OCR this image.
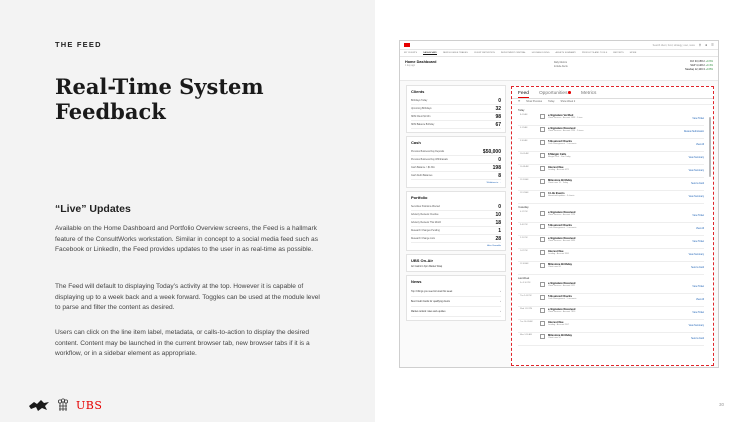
THE FEED
Real-Time System Feedback
“Live” Updates

Available on the Home Dashboard and Portfolio Overview screens, the Feed is a hallmark feature of the ConsultWorks workstation. Similar in concept to a social media feed such as Facebook or LinkedIn, the Feed provides updates to the user in as real-time as possible.

The Feed will default to displaying Today’s activity at the top. However it is capable of displaying up to a week back and a week forward. Toggles can be used at the module level to parse and filter the content as desired.

Users can click on the line item label, metadata, or calls-to-action to display the desired content. Content may be launched in the current browser tab, new browser tabs if it is a workflow, or in a sidebar element as appropriate.

UBS	30
Search client, fund, strategy, user, news ⚲ ● ☰
MY CLIENTS	DASHBOARD	NEW ELIGIBLE TRADES	CLIENT RETENTION	INVESTMENT CENTRAL	HOUSEHOLDING	ASSETS SUMMARY	PRODUCTS AND TOOLS	REPORTS	MORE
Home Dashboard
1 day ago
Daily Metrics
Include Alerts
DJI 33,158.2 +0.6%
S&P 4,128.2 +0.4%
Nasdaq 12,100.3 +0.8%
Clients
Birthdays Today	0
Upcoming Birthdays	32
NNM Client $1 Mm	98
NNM Balance Birthday	67
Cash
Previous Business Day Deposits	$50,000
Previous Business Day Withdrawals	0
Cash Balance > $1 Mm	198
Cash Debit Balances	8
Withdraw to →
Portfolio
Securities Positions Affected	0
Advisory Reviews Overdue	10
Advisory Reviews This Month	18
Research Changes Pending	1
Research Change Lists	28
Also Viewable
UBS On-Air
Art Cashin’s 3pm Market Wrap
News
Top 3 things you need to know this week	›
Best Credit Cards for qualifying clients	›
Market outlook: rates and equities	›
Feed Opportunities	Metrics
☰	Show Previous	Today	Show Week 2
Today
8:41 AM	e-Signature Verified
Client Services · Account 1038 · 1 item	View Ticket
9:12 AM	e-Signature Received
Client Services · Account 2294 · 2 items	Review Submission
9:30 AM	5 Bounced Checks
Cash Management · 5 accounts	View All
10:05 AM	8 Margin Calls
Margin Desk · Due Today	View Summary
10:48 AM	Interest Due
Lending · Account 4471	View Summary
11:20 AM	Milestone Birthday
Client turns 70 · Today	Send a Card
11:52 AM	3 Life Events
Household updates · 3 clients	View Summary
Yesterday
4:12 PM	e-Signature Received
Client Services · Account 1120	View Ticket
3:40 PM	5 Bounced Checks
Cash Management · 5 accounts	View All
2:15 PM	e-Signature Received
Client Services · Account 9034	View Ticket
1:02 PM	Interest Due
Lending · Account 3391	View Summary
11:30 AM	Milestone Birthday
Client turns 60	Send a Card
Last Week
Fri 3:10 PM	e-Signature Received
Client Services · Account 5521	View Ticket
Thu 2:44 PM	5 Bounced Checks
Cash Management · 5 accounts	View All
Wed 1:18 PM	e-Signature Received
Client Services · Account 7810	View Ticket
Tue 10:05 AM	Interest Due
Lending · Account 2207	View Summary
Mon 9:36 AM	Milestone Birthday
Client turns 50	Send a Card
